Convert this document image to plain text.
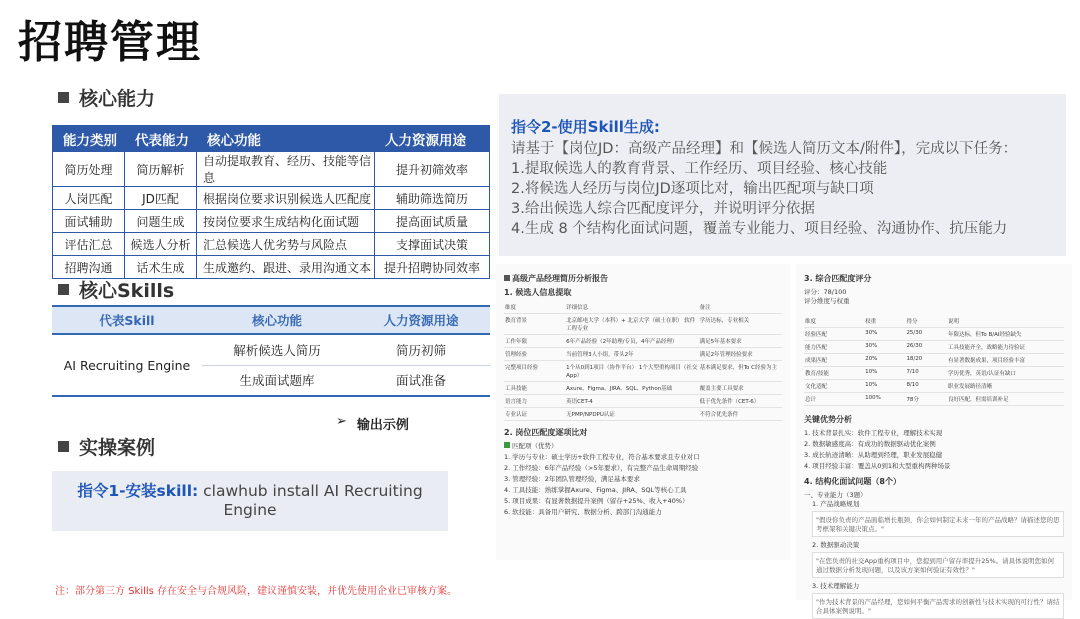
招聘管理
核心能力
能力类别	代表能力	核心功能	人力资源用途
简历处理	简历解析	自动提取教育、经历、技能等信息	提升初筛效率
人岗匹配	JD匹配	根据岗位要求识别候选人匹配度	辅助筛选简历
面试辅助	问题生成	按岗位要求生成结构化面试题	提高面试质量
评估汇总	候选人分析	汇总候选人优劣势与风险点	支撑面试决策
招聘沟通	话术生成	生成邀约、跟进、录用沟通文本	提升招聘协同效率
核心Skills
代表Skill	核心功能	人力资源用途
AI Recruiting Engine	解析候选人简历	简历初筛
	生成面试题库	面试准备
➢ 输出示例
实操案例
指令1-安装skill: clawhub install AI Recruiting
Engine
注：部分第三方 Skills 存在安全与合规风险，建议谨慎安装，并优先使用企业已审核方案。
指令2-使用Skill生成:
请基于【岗位JD：高级产品经理】和【候选人简历文本/附件】，完成以下任务：
1.提取候选人的教育背景、工作经历、项目经验、核心技能
2.将候选人经历与岗位JD逐项比对，输出匹配项与缺口项
3.给出候选人综合匹配度评分，并说明评分依据
4.生成 8 个结构化面试问题，覆盖专业能力、项目经验、沟通协作、抗压能力
高级产品经理简历分析报告
1. 候选人信息提取
维度	详细信息	备注
教育背景	北京邮电大学（本科）+ 北京大学（硕士在职） 软件工程专业	学历达标，专业相关
工作年限	6年产品经验（2年助理/专员，4年产品经理）	满足5年基本要求
管理经验	当前管理3人小组，带头2年	满足2年管理经验要求
完整项目经验	1个从0到1项目（协作平台） 1个大型重构项目（社交App）	基本满足要求，但To C经验为主
工具技能	Axure、Figma、JIRA、SQL、Python基础	覆盖主要工具要求
语言能力	英语CET-4	低于优先条件（CET-6）
专业认证	无PMP/NPDPU认证	不符合优先条件
2. 岗位匹配度逐项比对
匹配项（优势）
1. 学历与专业：硕士学历+软件工程专业，符合基本要求且专业对口
2. 工作经验：6年产品经验（>5年要求），有完整产品生命周期经验
3. 管理经验：2年团队管理经验，满足基本要求
4. 工具技能：熟练掌握Axure、Figma、JIRA、SQL等核心工具
5. 项目成果：有显著数据提升案例（留存+25%、收入+40%）
6. 软技能：具备用户研究、数据分析、跨部门沟通能力
3. 综合匹配度评分
评分：78/100
评分维度与权重
维度	权重	得分	说明
经验匹配	30%	25/30	年限达标，但To B/AI经验缺失
能力匹配	30%	26/30	工具技能齐全，战略能力待验证
成果匹配	20%	18/20	有显著数据成果，项目经验丰富
教育/技能	10%	7/10	学历优秀，英语/认证有缺口
文化适配	10%	8/10	职业发展路径清晰
总计	100%	78分	良好匹配，但需培训补足
关键优势分析
1. 技术背景扎实：软件工程专业，理解技术实现
2. 数据敏感度高：有成功的数据驱动优化案例
3. 成长轨迹清晰：从助理到经理，职业发展稳健
4. 项目经验丰富：覆盖从0到1和大型重构两种场景
4. 结构化面试问题（8个）
一、专业能力（3题）
1. 产品战略规划
"假设你负责的产品面临增长瓶颈，你会如何制定未来一年的产品战略？请描述您的思考框架和关键决策点。"
2. 数据驱动决策
"在您负责的社交App重构项目中，您提到用户留存率提升25%。请具体说明您如何通过数据分析发现问题，以及该方案如何验证有效性？"
3. 技术理解能力
"作为技术背景的产品经理，您如何平衡产品需求的创新性与技术实现的可行性？请结合具体案例说明。"
